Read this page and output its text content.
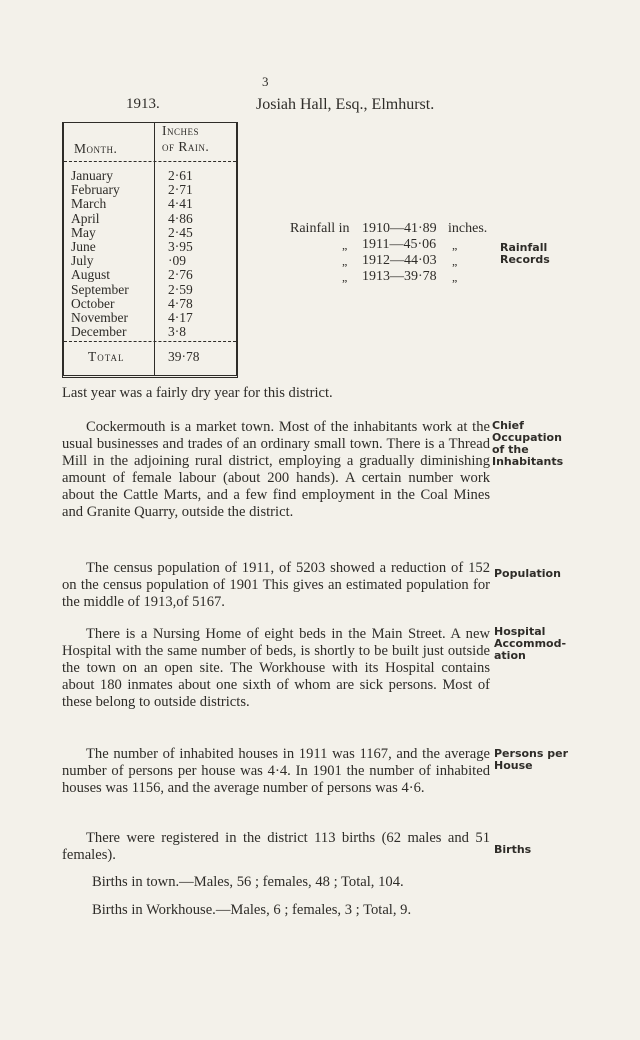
3
1913.	Josiah Hall, Esq., Elmhurst.
Month.
Inches
of Rain.
January	2·61
February	2·71
March	4·41
April	4·86
May	2·45
June	3·95
July	·09
August	2·76
September	2·59
October	4·78
November	4·17
December	3·8
Total	39·78
Rainfall in 1910—41·89 inches.
„ 1911—45·06 „
„ 1912—44·03 „
„ 1913—39·78 „
Rainfall
Records
Last year was a fairly dry year for this district.
Cockermouth is a market town. Most of the inhabitants work at the usual businesses and trades of an ordinary small town. There is a Thread Mill in the adjoining rural district, employing a gradually diminishing amount of female labour (about 200 hands). A certain number work about the Cattle Marts, and a few find employment in the Coal Mines and Granite Quarry, outside the district.
Chief
Occupation
of the
Inhabitants
The census population of 1911, of 5203 showed a reduction of 152 on the census population of 1901 This gives an estimated population for the middle of 1913,of 5167.
Population
There is a Nursing Home of eight beds in the Main Street. A new Hospital with the same number of beds, is shortly to be built just outside the town on an open site. The Workhouse with its Hospital contains about 180 inmates about one sixth of whom are sick persons. Most of these belong to outside districts.
Hospital
Accommod-
ation
The number of inhabited houses in 1911 was 1167, and the average number of persons per house was 4·4. In 1901 the number of inhabited houses was 1156, and the average number of persons was 4·6.
Persons per
House
There were registered in the district 113 births (62 males and 51 females).	Births
Births in town.—Males, 56 ; females, 48 ; Total, 104.
Births in Workhouse.—Males, 6 ; females, 3 ; Total, 9.
